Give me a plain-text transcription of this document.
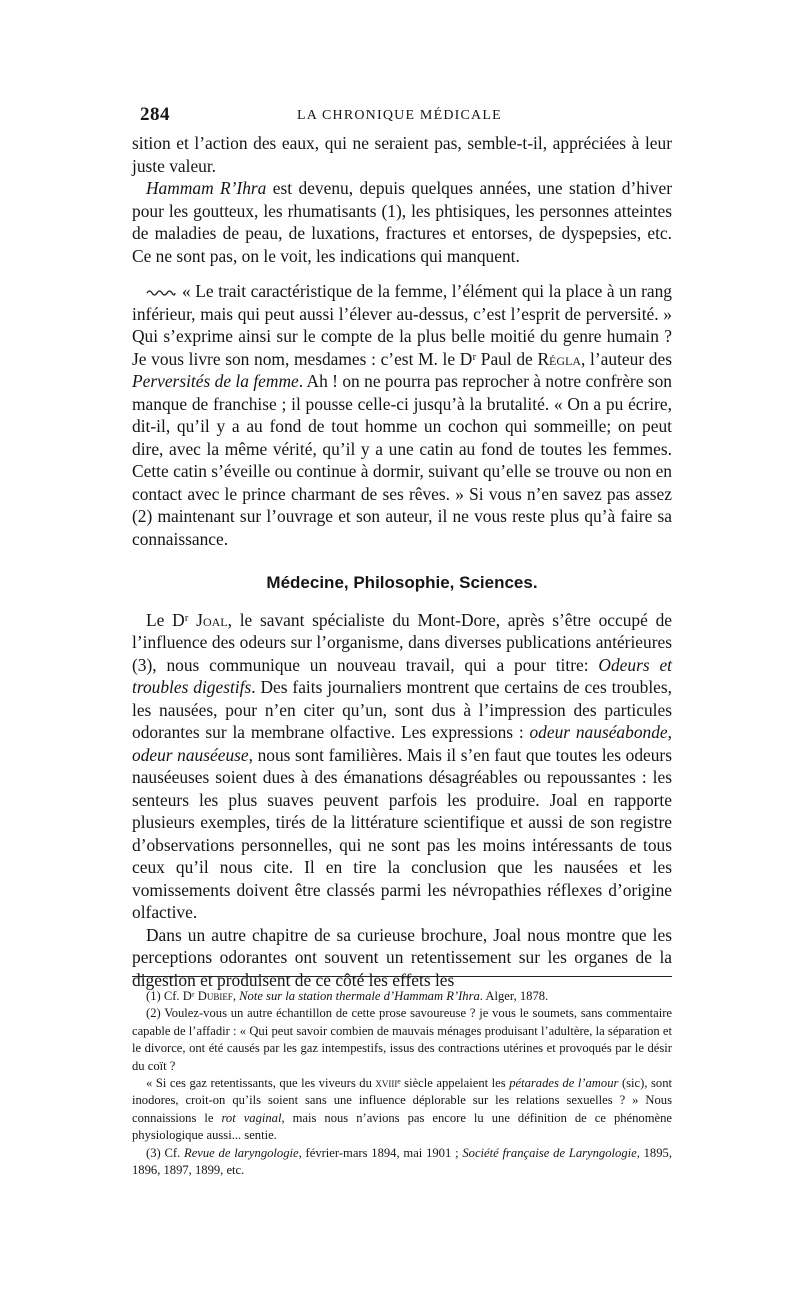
284	LA CHRONIQUE MÉDICALE

sition et l’action des eaux, qui ne seraient pas, semble-t-il, appréciées à leur juste valeur.

Hammam R’Ihra est devenu, depuis quelques années, une station d’hiver pour les goutteux, les rhumatisants (1), les phtisiques, les personnes atteintes de maladies de peau, de luxations, fractures et entorses, de dyspepsies, etc. Ce ne sont pas, on le voit, les indications qui manquent.

« Le trait caractéristique de la femme, l’élément qui la place à un rang inférieur, mais qui peut aussi l’élever au-dessus, c’est l’esprit de perversité. » Qui s’exprime ainsi sur le compte de la plus belle moitié du genre humain ? Je vous livre son nom, mesdames : c’est M. le Dʳ Paul de Régla, l’auteur des Perversités de la femme. Ah ! on ne pourra pas reprocher à notre confrère son manque de franchise ; il pousse celle-ci jusqu’à la brutalité. « On a pu écrire, dit-il, qu’il y a au fond de tout homme un cochon qui sommeille; on peut dire, avec la même vérité, qu’il y a une catin au fond de toutes les femmes. Cette catin s’éveille ou continue à dormir, suivant qu’elle se trouve ou non en contact avec le prince charmant de ses rêves. » Si vous n’en savez pas assez (2) maintenant sur l’ouvrage et son auteur, il ne vous reste plus qu’à faire sa connaissance.

Médecine, Philosophie, Sciences.

Le Dʳ Joal, le savant spécialiste du Mont-Dore, après s’être occupé de l’influence des odeurs sur l’organisme, dans diverses publications antérieures (3), nous communique un nouveau travail, qui a pour titre: Odeurs et troubles digestifs. Des faits journaliers montrent que certains de ces troubles, les nausées, pour n’en citer qu’un, sont dus à l’impression des particules odorantes sur la membrane olfactive. Les expressions : odeur nauséabonde, odeur nauséeuse, nous sont familières. Mais il s’en faut que toutes les odeurs nauséeuses soient dues à des émanations désagréables ou repoussantes : les senteurs les plus suaves peuvent parfois les produire. Joal en rapporte plusieurs exemples, tirés de la littérature scientifique et aussi de son registre d’observations personnelles, qui ne sont pas les moins intéressants de tous ceux qu’il nous cite. Il en tire la conclusion que les nausées et les vomissements doivent être classés parmi les névropathies réflexes d’origine olfactive.

Dans un autre chapitre de sa curieuse brochure, Joal nous montre que les perceptions odorantes ont souvent un retentissement sur les organes de la digestion et produisent de ce côté les effets les

(1) Cf. Dʳ Dubief, Note sur la station thermale d’Hammam R’Ihra. Alger, 1878.

(2) Voulez-vous un autre échantillon de cette prose savoureuse ? je vous le soumets, sans commentaire capable de l’affadir : « Qui peut savoir combien de mauvais ménages produisant l’adultère, la séparation et le divorce, ont été causés par les gaz intempestifs, issus des contractions utérines et provoqués par le désir du coït ?

« Si ces gaz retentissants, que les viveurs du xviiiᵉ siècle appelaient les pétarades de l’amour (sic), sont inodores, croit-on qu’ils soient sans une influence déplorable sur les relations sexuelles ? » Nous connaissions le rot vaginal, mais nous n’avions pas encore lu une définition de ce phénomène physiologique aussi... sentie.

(3) Cf. Revue de laryngologie, février-mars 1894, mai 1901 ; Société française de Laryngologie, 1895, 1896, 1897, 1899, etc.
